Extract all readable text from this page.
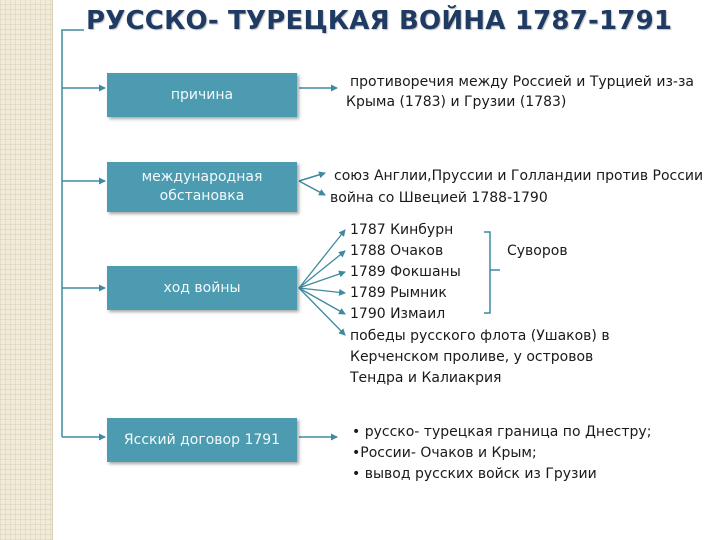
РУССКО- ТУРЕЦКАЯ ВОЙНА 1787-1791
причина
противоречия между Россией и Турцией из-за
Крыма (1783) и Грузии (1783)
международная
обстановка
союз Англии,Пруссии и Голландии против России
война со Швецией 1788-1790
ход войны
1787 Кинбурн
1788 Очаков
1789 Фокшаны
1789 Рымник
1790 Измаил
Суворов
победы русского флота (Ушаков) в
Керченском проливе, у островов
Тендра и Калиакрия
Ясский договор 1791	• русско- турецкая граница по Днестру;
•России- Очаков и Крым;
• вывод русских войск из Грузии
